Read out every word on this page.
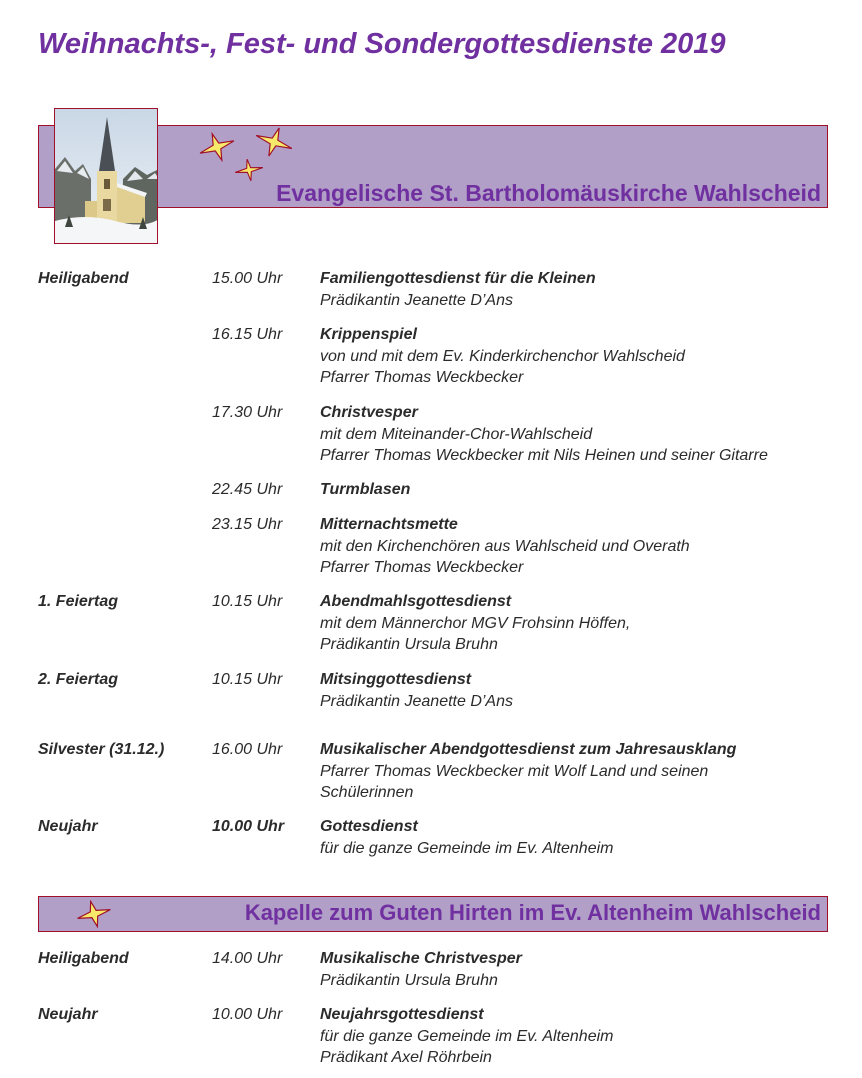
Weihnachts-, Fest- und Sondergottesdienste 2019
Evangelische St. Bartholomäuskirche Wahlscheid
Heiligabend	15.00 Uhr Familiengottesdienst für die Kleinen
Prädikantin Jeanette D’Ans
16.15 Uhr Krippenspiel
von und mit dem Ev. Kinderkirchenchor Wahlscheid
Pfarrer Thomas Weckbecker
17.30 Uhr Christvesper
mit dem Miteinander-Chor-Wahlscheid
Pfarrer Thomas Weckbecker mit Nils Heinen und seiner Gitarre
22.45 Uhr Turmblasen
23.15 Uhr Mitternachtsmette
mit den Kirchenchören aus Wahlscheid und Overath
Pfarrer Thomas Weckbecker
1. Feiertag	10.15 Uhr Abendmahlsgottesdienst
mit dem Männerchor MGV Frohsinn Höffen,
Prädikantin Ursula Bruhn
2. Feiertag	10.15 Uhr Mitsinggottesdienst
Prädikantin Jeanette D’Ans
Silvester (31.12.)	16.00 Uhr Musikalischer Abendgottesdienst zum Jahresausklang
Pfarrer Thomas Weckbecker mit Wolf Land und seinen
Schülerinnen
Neujahr	10.00 Uhr Gottesdienst
für die ganze Gemeinde im Ev. Altenheim
Kapelle zum Guten Hirten im Ev. Altenheim Wahlscheid
Heiligabend	14.00 Uhr Musikalische Christvesper
Prädikantin Ursula Bruhn
Neujahr	10.00 Uhr Neujahrsgottesdienst
für die ganze Gemeinde im Ev. Altenheim
Prädikant Axel Röhrbein
